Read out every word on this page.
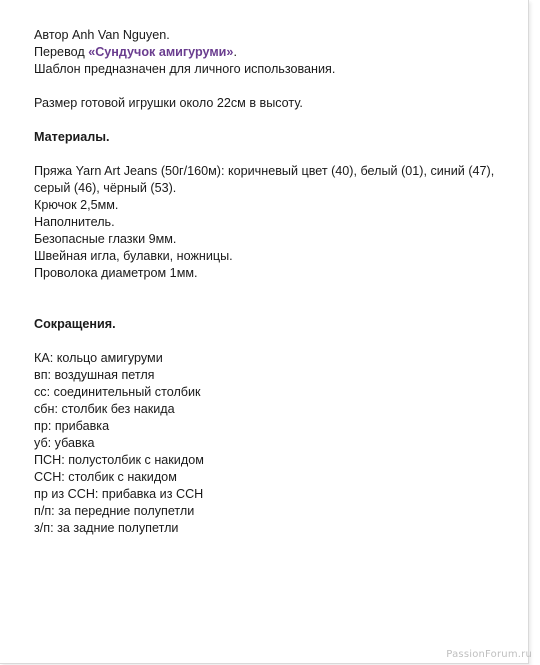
Автор Anh Van Nguyen.
Перевод «Сундучок амигуруми».
Шаблон предназначен для личного использования.
Размер готовой игрушки около 22см в высоту.
Материалы.
Пряжа Yarn Art Jeans (50г/160м): коричневый цвет (40), белый (01), синий (47),
серый (46), чёрный (53).
Крючок 2,5мм.
Наполнитель.
Безопасные глазки 9мм.
Швейная игла, булавки, ножницы.
Проволока диаметром 1мм.
Сокращения.
КА: кольцо амигуруми
вп: воздушная петля
сс: соединительный столбик
сбн: столбик без накида
пр: прибавка
уб: убавка
ПСН: полустолбик с накидом
ССН: столбик с накидом
пр из ССН: прибавка из ССН
п/п: за передние полупетли
з/п: за задние полупетли
PassionForum.ru
